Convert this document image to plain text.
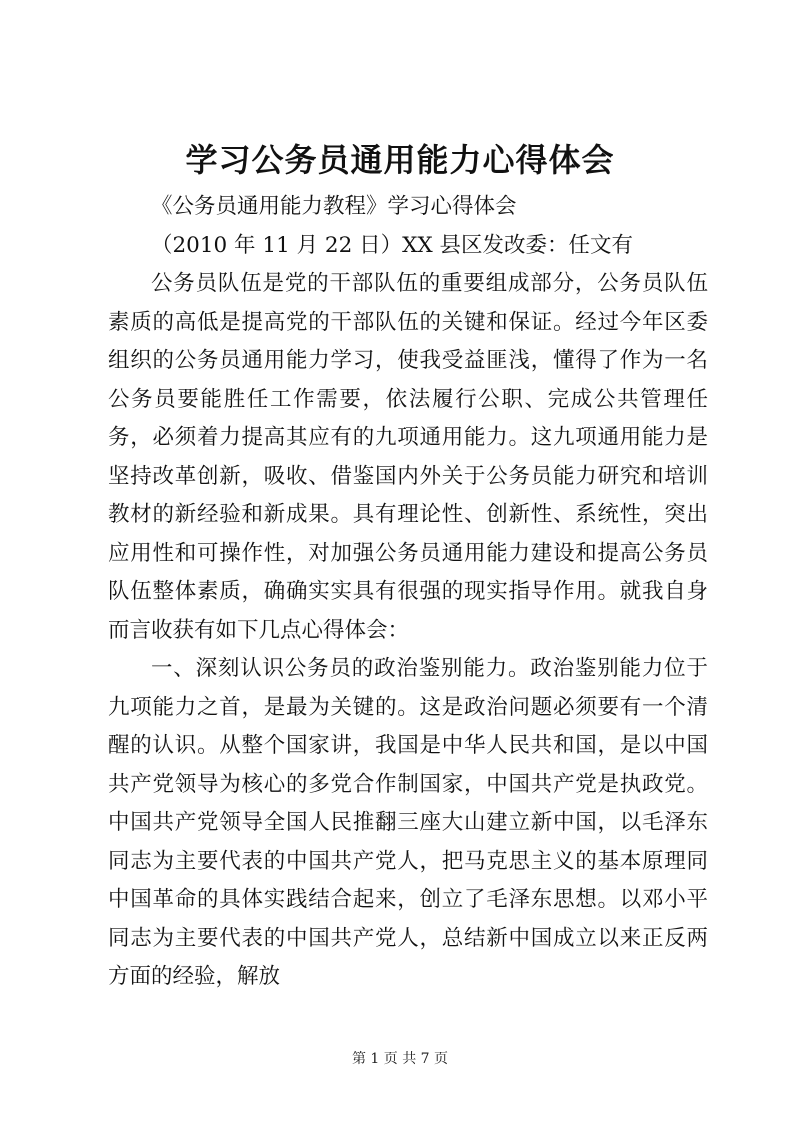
学习公务员通用能力心得体会

《公务员通用能力教程》学习心得体会

（2010 年 11 月 22 日）XX 县区发改委：任文有

公务员队伍是党的干部队伍的重要组成部分，公务员队伍素质的高低是提高党的干部队伍的关键和保证。经过今年区委组织的公务员通用能力学习，使我受益匪浅，懂得了作为一名公务员要能胜任工作需要，依法履行公职、完成公共管理任务，必须着力提高其应有的九项通用能力。这九项通用能力是坚持改革创新，吸收、借鉴国内外关于公务员能力研究和培训教材的新经验和新成果。具有理论性、创新性、系统性，突出应用性和可操作性，对加强公务员通用能力建设和提高公务员队伍整体素质，确确实实具有很强的现实指导作用。就我自身而言收获有如下几点心得体会：

一、深刻认识公务员的政治鉴别能力。政治鉴别能力位于九项能力之首，是最为关键的。这是政治问题必须要有一个清醒的认识。从整个国家讲，我国是中华人民共和国，是以中国共产党领导为核心的多党合作制国家，中国共产党是执政党。中国共产党领导全国人民推翻三座大山建立新中国，以毛泽东同志为主要代表的中国共产党人，把马克思主义的基本原理同中国革命的具体实践结合起来，创立了毛泽东思想。以邓小平同志为主要代表的中国共产党人，总结新中国成立以来正反两方面的经验，解放

第 1 页 共 7 页
